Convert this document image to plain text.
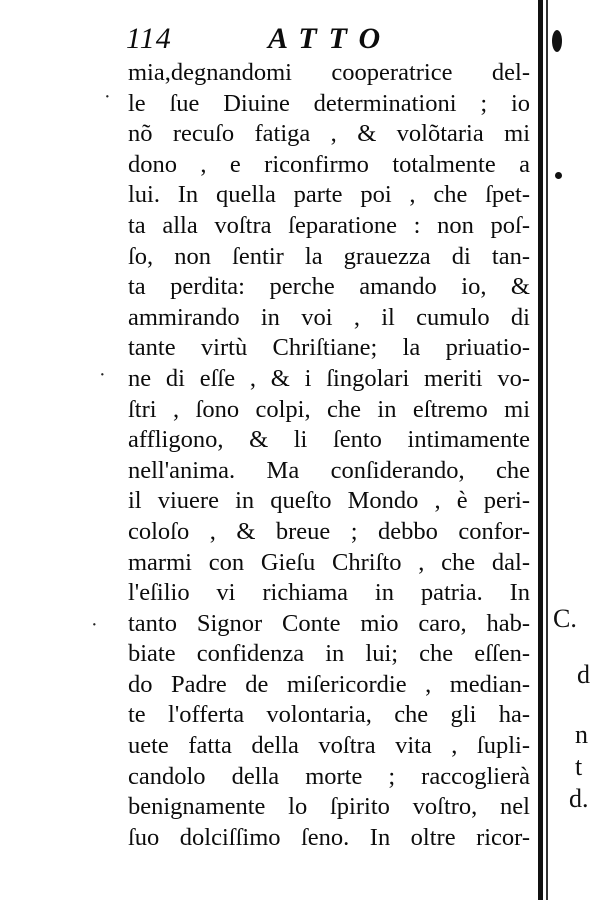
114	ATTO
mia,degnandomi cooperatrice del-
le ſue Diuine determinationi ; io
nõ recuſo fatiga , & volõtaria mi
dono , e riconfirmo totalmente a
lui. In quella parte poi , che ſpet-
ta alla voſtra ſeparatione : non poſ-
ſo, non ſentir la grauezza di tan-
ta perdita: perche amando io, &
ammirando in voi , il cumulo di
tante virtù Chriſtiane; la priuatio-
ne di eſſe , & i ſingolari meriti vo-
ſtri , ſono colpi, che in eſtremo mi
affligono, & li ſento intimamente
nell'anima. Ma conſiderando, che
il viuere in queſto Mondo , è peri-
coloſo , & breue ; debbo confor-
marmi con Gieſu Chriſto , che dal-
l'eſilio vi richiama in patria. In
tanto Signor Conte mio caro, hab-
biate confidenza in lui; che eſſen-
do Padre de miſericordie , median-
te l'offerta volontaria, che gli ha-
uete fatta della voſtra vita , ſupli-
candolo della morte ; raccoglierà
benignamente lo ſpirito voſtro, nel
ſuo dolciſſimo ſeno. In oltre ricor-
·
·
·	C.
d
n
t
d.
